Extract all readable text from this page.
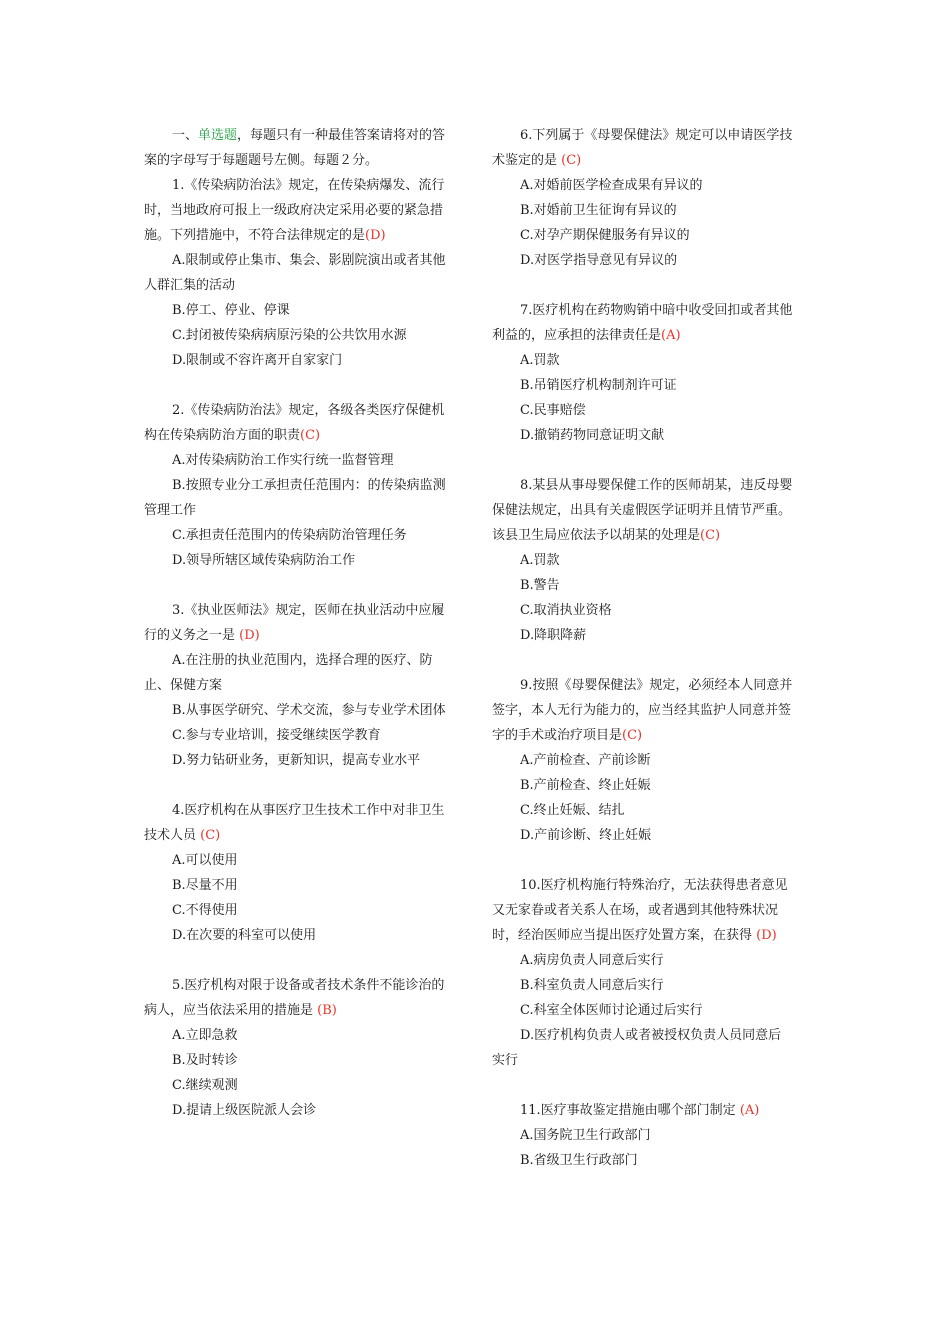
一、单选题，每题只有一种最佳答案请将对的答案的字母写于每题题号左侧。每题２分。

1.《传染病防治法》规定，在传染病爆发、流行时，当地政府可报上一级政府决定采用必要的紧急措施。下列措施中，不符合法律规定的是(D)

A.限制或停止集市、集会、影剧院演出或者其他人群汇集的活动

B.停工、停业、停课

C.封闭被传染病病原污染的公共饮用水源

D.限制或不容许离开自家家门

2.《传染病防治法》规定，各级各类医疗保健机构在传染病防治方面的职责(C)

A.对传染病防治工作实行统一监督管理

B.按照专业分工承担责任范围内：的传染病监测管理工作

C.承担责任范围内的传染病防治管理任务

D.领导所辖区域传染病防治工作

3.《执业医师法》规定，医师在执业活动中应履行的义务之一是 (D)

A.在注册的执业范围内，选择合理的医疗、防止、保健方案

B.从事医学研究、学术交流，参与专业学术团体

C.参与专业培训，接受继续医学教育

D.努力钻研业务，更新知识，提高专业水平

4.医疗机构在从事医疗卫生技术工作中对非卫生技术人员 (C)

A.可以使用

B.尽量不用

C.不得使用

D.在次要的科室可以使用

5.医疗机构对限于设备或者技术条件不能诊治的病人，应当依法采用的措施是 (B)

A.立即急救

B.及时转诊

C.继续观测

D.提请上级医院派人会诊

6.下列属于《母婴保健法》规定可以申请医学技术鉴定的是 (C)

A.对婚前医学检查成果有异议的

B.对婚前卫生征询有异议的

C.对孕产期保健服务有异议的

D.对医学指导意见有异议的

7.医疗机构在药物购销中暗中收受回扣或者其他利益的，应承担的法律责任是(A)

A.罚款

B.吊销医疗机构制剂许可证

C.民事赔偿

D.撤销药物同意证明文献

8.某县从事母婴保健工作的医师胡某，违反母婴保健法规定，出具有关虚假医学证明并且情节严重。该县卫生局应依法予以胡某的处理是(C)

A.罚款

B.警告

C.取消执业资格

D.降职降薪

9.按照《母婴保健法》规定，必须经本人同意并签字，本人无行为能力的，应当经其监护人同意并签字的手术或治疗项目是(C)

A.产前检查、产前诊断

B.产前检查、终止妊娠

C.终止妊娠、结扎

D.产前诊断、终止妊娠

10.医疗机构施行特殊治疗，无法获得患者意见又无家眷或者关系人在场，或者遇到其他特殊状况时，经治医师应当提出医疗处置方案，在获得 (D)

A.病房负责人同意后实行

B.科室负责人同意后实行

C.科室全体医师讨论通过后实行

D.医疗机构负责人或者被授权负责人员同意后实行

11.医疗事故鉴定措施由哪个部门制定 (A)

A.国务院卫生行政部门

B.省级卫生行政部门
